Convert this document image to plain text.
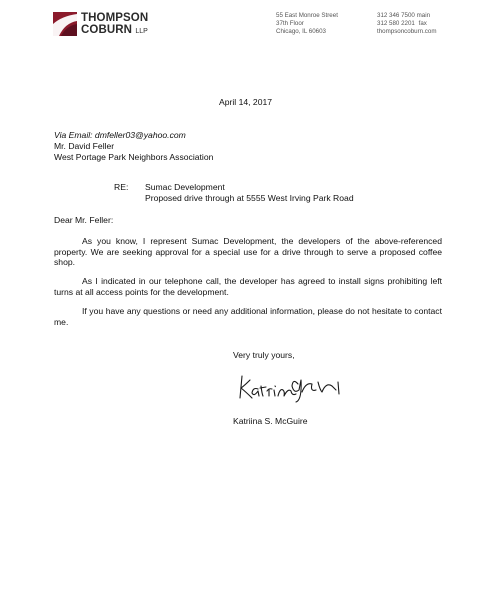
THOMPSON
COBURN LLP
55 East Monroe Street
37th Floor
Chicago, IL 60603
312 346 7500 main
312 580 2201 fax
thompsoncoburn.com
April 14, 2017
Via Email: dmfeller03@yahoo.com
Mr. David Feller
West Portage Park Neighbors Association
RE: Sumac Development
Proposed drive through at 5555 West Irving Park Road
Dear Mr. Feller:
As you know, I represent Sumac Development, the developers of the above-referenced property. We are seeking approval for a special use for a drive through to serve a proposed coffee shop.
As I indicated in our telephone call, the developer has agreed to install signs prohibiting left turns at all access points for the development.
If you have any questions or need any additional information, please do not hesitate to contact me.
Very truly yours,
Katriina S. McGuire
